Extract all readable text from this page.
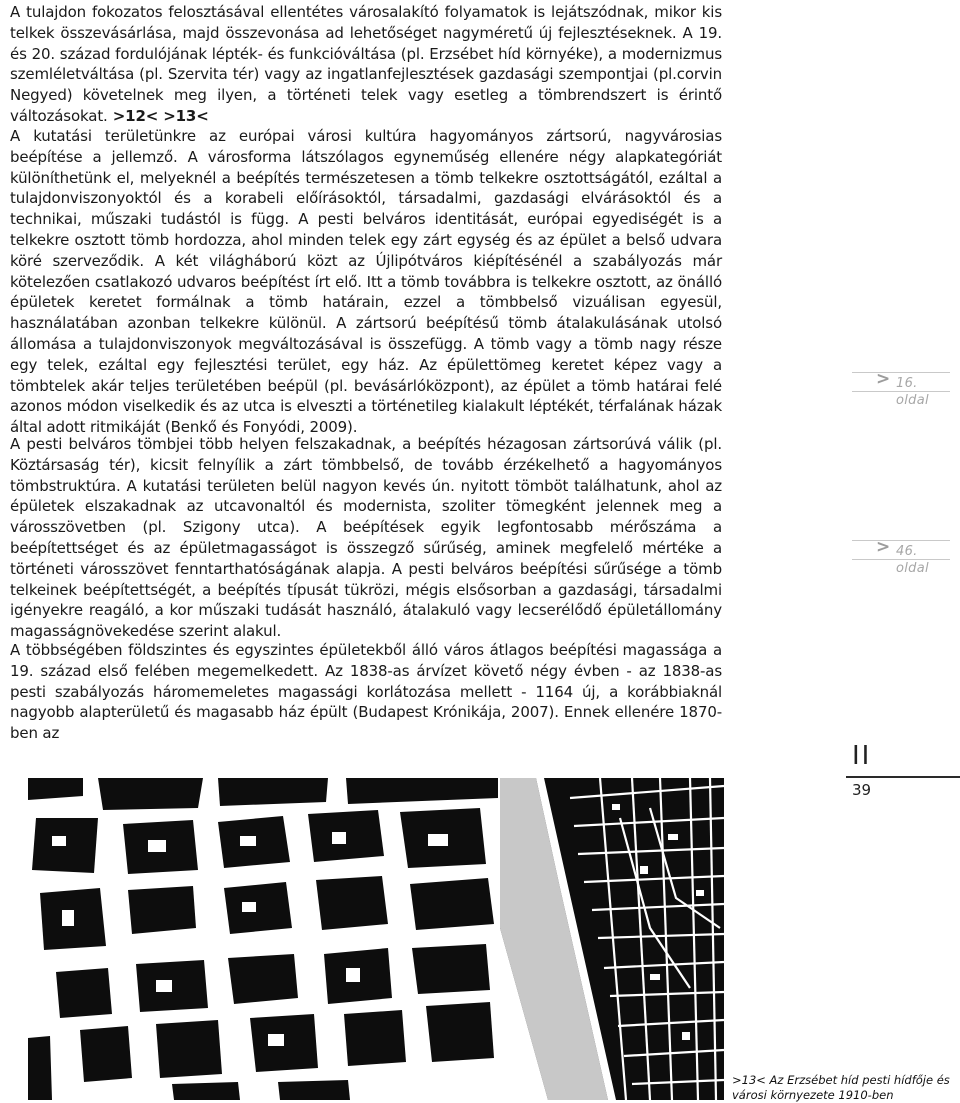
A tulajdon fokozatos felosztásával ellentétes városalakító folyamatok is lejátszódnak, mikor kis telkek összevásárlása, majd összevonása ad lehetőséget nagyméretű új fejlesztéseknek. A 19. és 20. század fordulójának lépték- és funkcióváltása (pl. Erzsébet híd környéke), a modernizmus szemléletváltása (pl. Szervita tér) vagy az ingatlanfejlesztések gazdasági szempontjai (pl.corvin Negyed) követelnek meg ilyen, a történeti telek vagy esetleg a tömbrendszert is érintő változásokat. >12< >13<

A kutatási területünkre az európai városi kultúra hagyományos zártsorú, nagyvárosias beépítése a jellemző. A városforma látszólagos egyneműség ellenére négy alapkategóriát különíthetünk el, melyeknél a beépítés természetesen a tömb telkekre osztottságától, ezáltal a tulajdonviszonyoktól és a korabeli előírásoktól, társadalmi, gazdasági elvárásoktól és a technikai, műszaki tudástól is függ. A pesti belváros identitását, európai egyediségét is a telkekre osztott tömb hordozza, ahol minden telek egy zárt egység és az épület a belső udvara köré szerveződik. A két világháború közt az Újlipótváros kiépítésénél a szabályozás már kötelezően csatlakozó udvaros beépítést írt elő. Itt a tömb továbbra is telkekre osztott, az önálló épületek keretet formálnak a tömb határain, ezzel a tömbbelső vizuálisan egyesül, használatában azonban telkekre különül. A zártsorú beépítésű tömb átalakulásának utolsó állomása a tulajdonviszonyok megváltozásával is összefügg. A tömb vagy a tömb nagy része egy telek, ezáltal egy fejlesztési terület, egy ház. Az épülettömeg keretet képez vagy a tömbtelek akár teljes területében beépül (pl. bevásárlóközpont), az épület a tömb határai felé azonos módon viselkedik és az utca is elveszti a történetileg kialakult léptékét, térfalának házak által adott ritmikáját (Benkő és Fonyódi, 2009).

A pesti belváros tömbjei több helyen felszakadnak, a beépítés hézagosan zártsorúvá válik (pl. Köztársaság tér), kicsit felnyílik a zárt tömbbelső, de tovább érzékelhető a hagyományos tömbstruktúra. A kutatási területen belül nagyon kevés ún. nyitott tömböt találhatunk, ahol az épületek elszakadnak az utcavonaltól és modernista, szoliter tömegként jelennek meg a városszövetben (pl. Szigony utca). A beépítések egyik legfontosabb mérőszáma a beépítettséget és az épületmagasságot is összegző sűrűség, aminek megfelelő mértéke a történeti városszövet fenntarthatóságának alapja. A pesti belváros beépítési sűrűsége a tömb telkeinek beépítettségét, a beépítés típusát tükrözi, mégis elsősorban a gazdasági, társadalmi igényekre reagáló, a kor műszaki tudását használó, átalakuló vagy lecserélődő épületállomány magasságnövekedése szerint alakul.

A többségében földszintes és egyszintes épületekből álló város átlagos beépítési magassága a 19. század első felében megemelkedett. Az 1838-as árvízet követő négy évben - az 1838-as pesti szabályozás háromemeletes magassági korlátozása mellett - 1164 új, a korábbiaknál nagyobb alapterületű és magasabb ház épült (Budapest Krónikája, 2007). Ennek ellenére 1870-ben az

> 16. oldal
> 46. oldal
II
39
>13< Az Erzsébet híd pesti hídfője és városi környezete 1910-ben
